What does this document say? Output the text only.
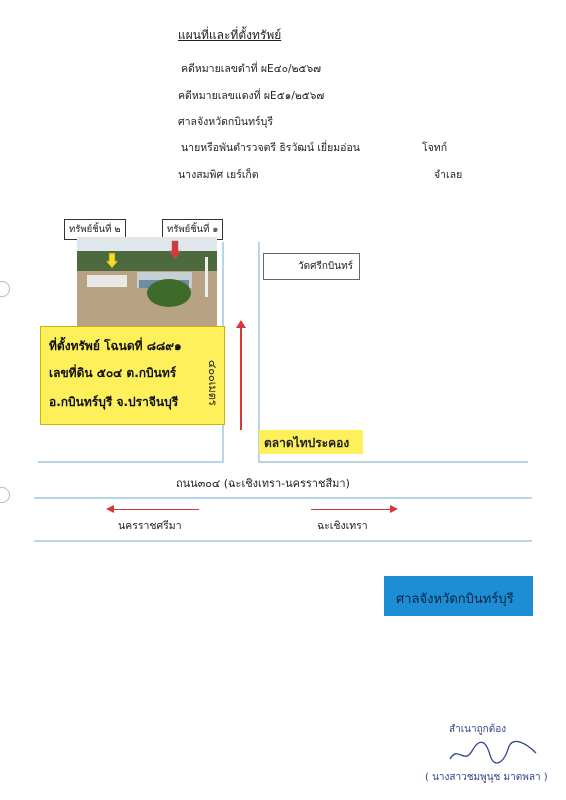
แผนที่และที่ตั้งทรัพย์
คดีหมายเลขดำที่ ผE๔๐/๒๕๖๗
คดีหมายเลขแดงที่ ผE๕๑/๒๕๖๗
ศาลจังหวัดกบินทร์บุรี
นายหรือพันตำรวจตรี ธิรวัฒน์ เยี่ยมอ่อน	โจทก์
นางสมพิศ เยร์เก็ต	จำเลย
ทรัพย์ชิ้นที่ ๒	ทรัพย์ชิ้นที่ ๑
ที่ตั้งทรัพย์ โฉนดที่ ๘๘๙๑
เลขที่ดิน ๕๐๔ ต.กบินทร์
อ.กบินทร์บุรี จ.ปราจีนบุรี	๔๐๐เมตร
วัดศรีกบินทร์
ตลาดไทประคอง
ถนน๓๐๔ (ฉะเชิงเทรา-นครราชสีมา)
นครราชศรีมา	ฉะเชิงเทรา
ศาลจังหวัดกบินทร์บุรี
สำเนาถูกต้อง
( นางสาวชมพูนุช มาตพลา )
